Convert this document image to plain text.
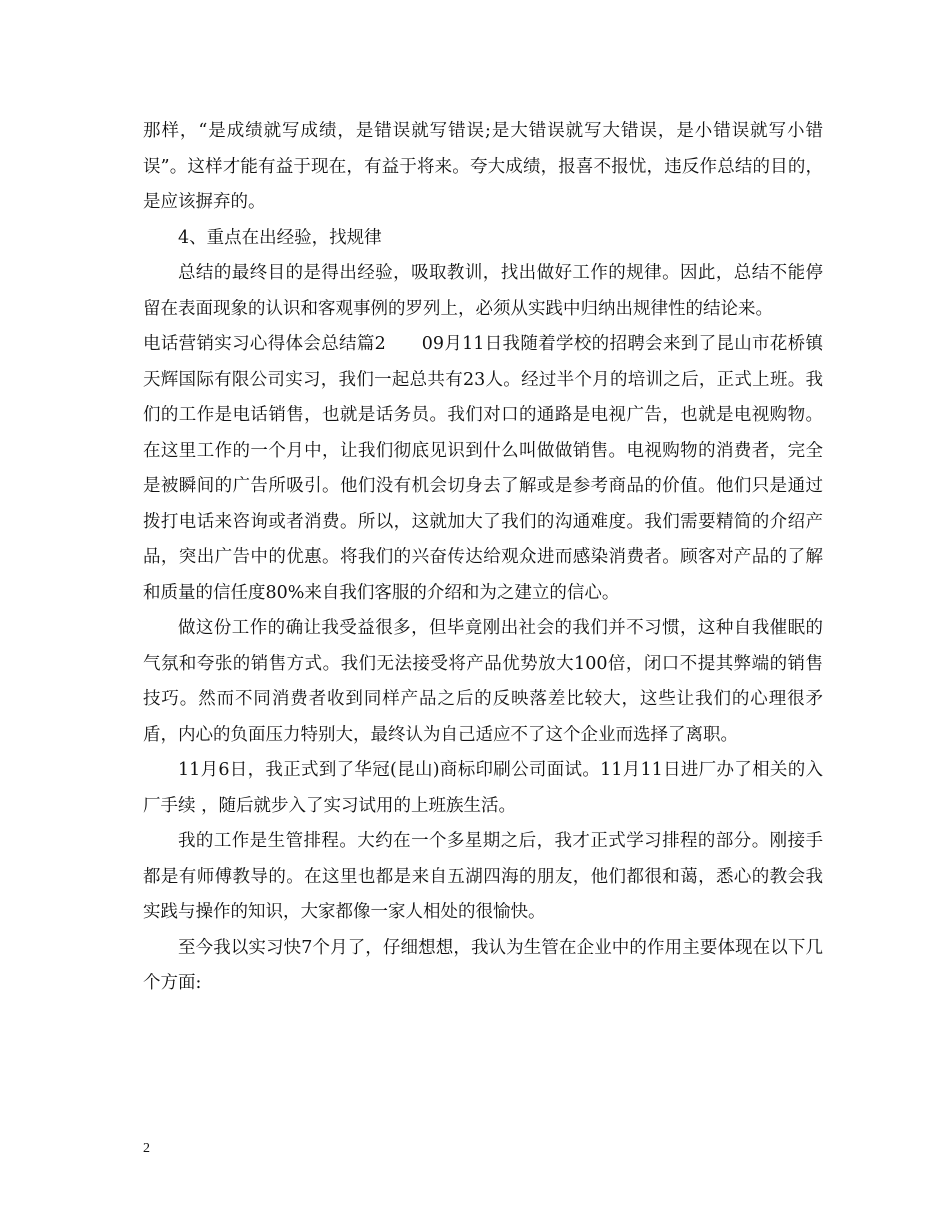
那样，“是成绩就写成绩，是错误就写错误;是大错误就写大错误，是小错误就写小错误”。这样才能有益于现在，有益于将来。夸大成绩，报喜不报忧，违反作总结的目的，是应该摒弃的。

4、重点在出经验，找规律

总结的最终目的是得出经验，吸取教训，找出做好工作的规律。因此，总结不能停留在表面现象的认识和客观事例的罗列上，必须从实践中归纳出规律性的结论来。

电话营销实习心得体会总结篇2　　09月11日我随着学校的招聘会来到了昆山市花桥镇天辉国际有限公司实习，我们一起总共有23人。经过半个月的培训之后，正式上班。我们的工作是电话销售，也就是话务员。我们对口的通路是电视广告，也就是电视购物。在这里工作的一个月中，让我们彻底见识到什么叫做做销售。电视购物的消费者，完全是被瞬间的广告所吸引。他们没有机会切身去了解或是参考商品的价值。他们只是通过拨打电话来咨询或者消费。所以，这就加大了我们的沟通难度。我们需要精简的介绍产品，突出广告中的优惠。将我们的兴奋传达给观众进而感染消费者。顾客对产品的了解和质量的信任度80%来自我们客服的介绍和为之建立的信心。

做这份工作的确让我受益很多，但毕竟刚出社会的我们并不习惯，这种自我催眠的气氛和夸张的销售方式。我们无法接受将产品优势放大100倍，闭口不提其弊端的销售技巧。然而不同消费者收到同样产品之后的反映落差比较大，这些让我们的心理很矛盾，内心的负面压力特别大，最终认为自己适应不了这个企业而选择了离职。

11月6日，我正式到了华冠(昆山)商标印刷公司面试。11月11日进厂办了相关的入厂手续 ，随后就步入了实习试用的上班族生活。

我的工作是生管排程。大约在一个多星期之后，我才正式学习排程的部分。刚接手都是有师傅教导的。在这里也都是来自五湖四海的朋友，他们都很和蔼，悉心的教会我实践与操作的知识，大家都像一家人相处的很愉快。

至今我以实习快7个月了，仔细想想，我认为生管在企业中的作用主要体现在以下几个方面:

2
